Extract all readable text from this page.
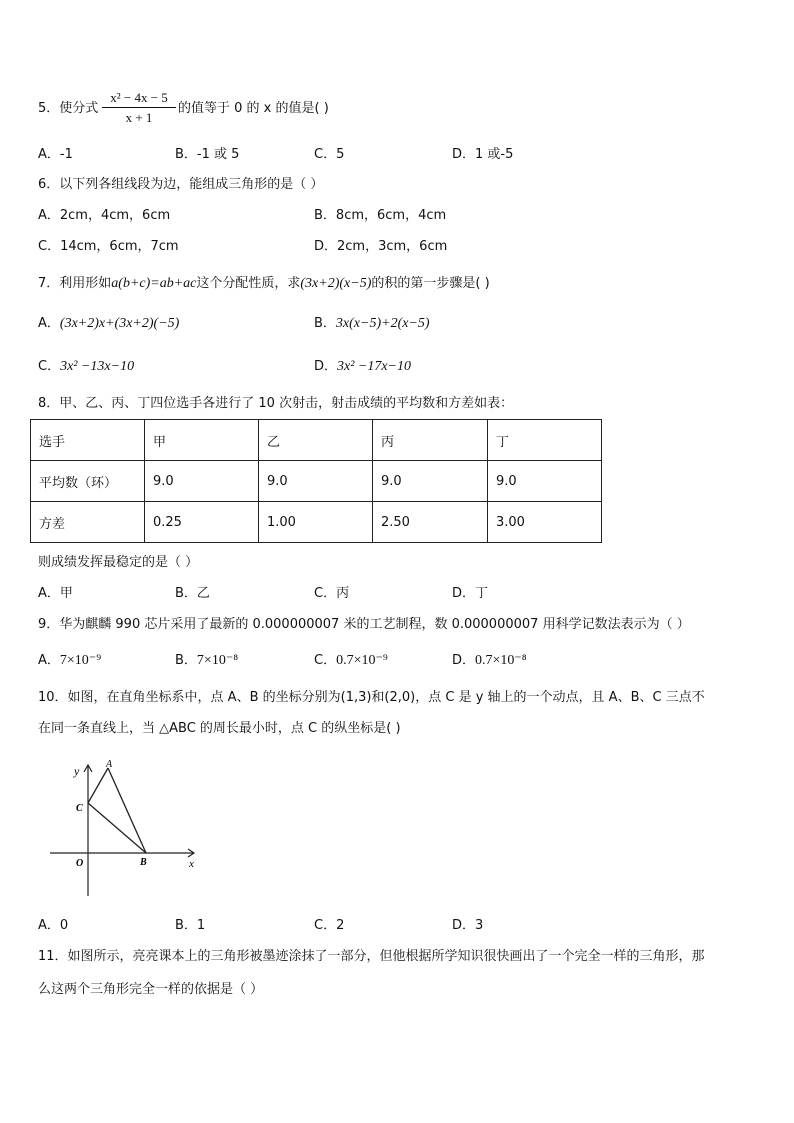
5．使分式
x² − 4x − 5
x + 1
的值等于 0 的 x 的值是( )
A．-1	B．-1 或 5	C．5	D．1 或-5
6．以下列各组线段为边，能组成三角形的是（ ）
A．2cm，4cm，6cm	B．8cm，6cm，4cm
C．14cm，6cm，7cm	D．2cm，3cm，6cm
7．利用形如a(b+c)=ab+ac这个分配性质，求(3x+2)(x−5)的积的第一步骤是( )
A．(3x+2)x+(3x+2)(−5)	B．3x(x−5)+2(x−5)
C．3x² −13x−10	D．3x² −17x−10
8．甲、乙、丙、丁四位选手各进行了 10 次射击，射击成绩的平均数和方差如表：
选手	甲	乙	丙	丁
平均数（环）	9.0	9.0	9.0	9.0
方差	0.25	1.00	2.50	3.00
则成绩发挥最稳定的是（ ）
A．甲	B．乙	C．丙	D．丁
9．华为麒麟 990 芯片采用了最新的 0.000000007 米的工艺制程，数 0.000000007 用科学记数法表示为（ ）
A．7×10⁻⁹	B．7×10⁻⁸	C．0.7×10⁻⁹	D．0.7×10⁻⁸
10．如图，在直角坐标系中，点 A、B 的坐标分别为(1,3)和(2,0)，点 C 是 y 轴上的一个动点，且 A、B、C 三点不
在同一条直线上，当 △ABC 的周长最小时，点 C 的纵坐标是( )
y	A
C
O	B	x
A．0	B．1	C．2	D．3
11．如图所示，亮亮课本上的三角形被墨迹涂抹了一部分，但他根据所学知识很快画出了一个完全一样的三角形，那
么这两个三角形完全一样的依据是（ ）
